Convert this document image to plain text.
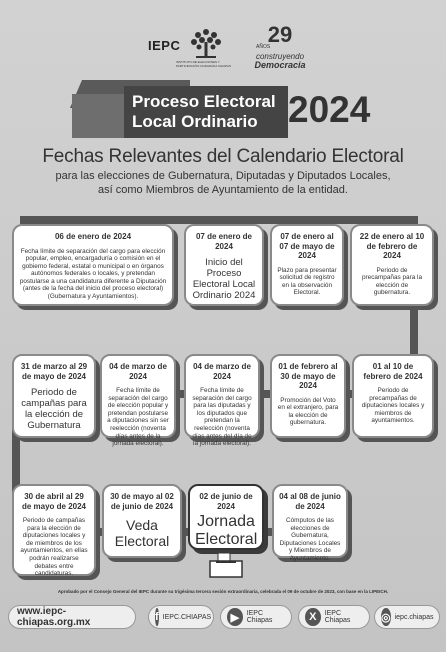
IEPC
INSTITUTO DE ELECCIONES Y PARTICIPACIÓN CIUDADANA CHIAPAS
29
AÑOS
construyendo
Democracia
Proceso Electoral
Local Ordinario 2024
Fechas Relevantes del Calendario Electoral
para las elecciones de Gubernatura, Diputadas y Diputados Locales,
así como Miembros de Ayuntamiento de la entidad.
06 de enero de 2024
Fecha límite de separación del cargo para elección popular, empleo, encargaduría o comisión en el gobierno federal, estatal o municipal o en órganos autónomos federales o locales, y pretendan postularse a una candidatura diferente a Diputación (antes de la fecha del inicio del proceso electoral) (Gubernatura y Ayuntamientos).
07 de enero de 2024
Inicio del Proceso Electoral Local Ordinario 2024
07 de enero al 07 de mayo de 2024
Plazo para presentar solicitud de registro en la observación Electoral.
22 de enero al 10 de febrero de 2024
Periodo de precampañas para la elección de gubernatura.
31 de marzo al 29 de mayo de 2024
Periodo de campañas para la elección de Gubernatura
04 de marzo de 2024
Fecha límite de separación del cargo de elección popular y pretendan postularse a diputaciones sin ser reelección (noventa días antes de la jornada electoral).
04 de marzo de 2024
Fecha límite de separación del cargo para las diputadas y los diputados que pretendan la reelección (noventa días antes del día de la jornada electoral).
01 de febrero al 30 de mayo de 2024
Promoción del Voto en el extranjero, para la elección de gubernatura.
01 al 10 de febrero de 2024
Periodo de precampañas de diputaciones locales y miembros de ayuntamientos.
30 de abril al 29 de mayo de 2024
Periodo de campañas para la elección de diputaciones locales y de miembros de los ayuntamientos, en ellas podrán realizarse debates entre candidaturas.
30 de mayo al 02 de junio de 2024
Veda Electoral
02 de junio de 2024
Jornada Electoral
04 al 08 de junio de 2024
Cómputos de las elecciones de Gubernatura, Diputaciones Locales y Miembros de Ayuntamiento.
Aprobado por el Consejo General del IEPC durante su trigésima tercera sesión extraordinaria, celebrada el 09 de octubre de 2023, con base en la LIPEICH.
www.iepc-chiapas.org.mx	f IEPC.CHIAPAS	▶	IEPC Chiapas	X	IEPC Chiapas	◎ iepc.chiapas
